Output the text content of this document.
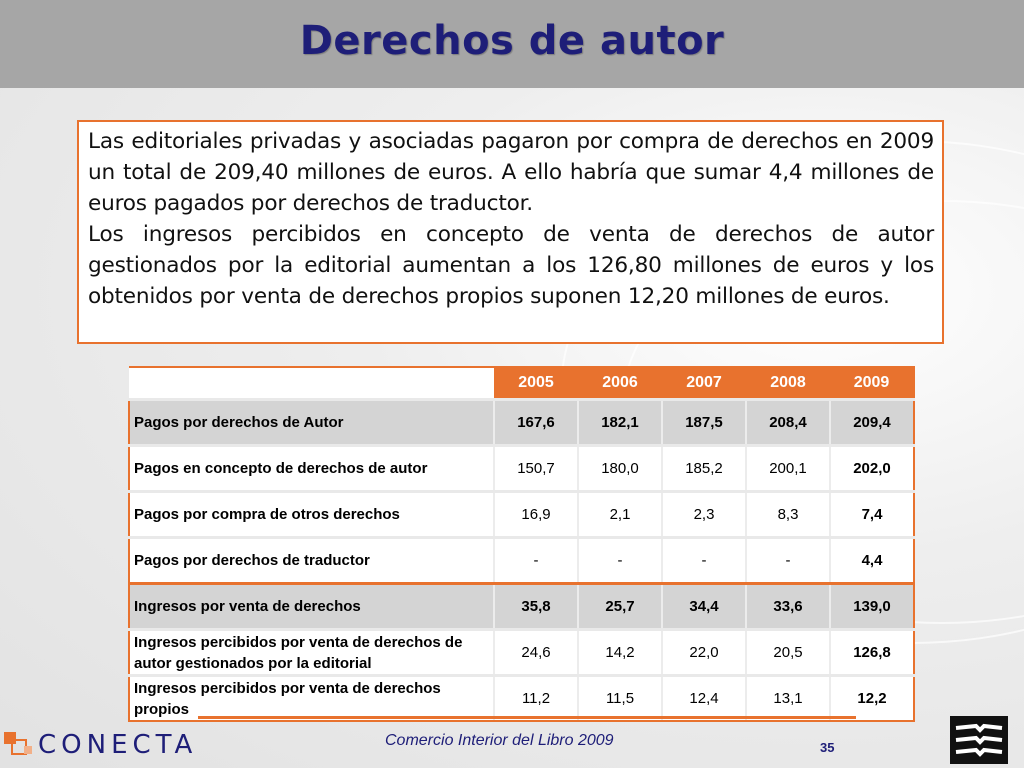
Derechos de autor

Las editoriales privadas y asociadas pagaron por compra de derechos en 2009 un total de 209,40 millones de euros. A ello habría que sumar 4,4 millones de euros pagados por derechos de traductor.

Los ingresos percibidos en concepto de venta de derechos de autor gestionados por la editorial aumentan a los 126,80 millones de euros y los obtenidos por venta de derechos propios suponen 12,20 millones de euros.

	2005	2006	2007	2008	2009
Pagos por derechos de Autor	167,6	182,1	187,5	208,4	209,4
Pagos en concepto de derechos de autor	150,7	180,0	185,2	200,1	202,0
Pagos por compra de otros derechos	16,9	2,1	2,3	8,3	7,4
Pagos por derechos de traductor	-	-	-	-	4,4
Ingresos por venta de derechos	35,8	25,7	34,4	33,6	139,0
Ingresos percibidos por venta de derechos de autor gestionados por la editorial	24,6	14,2	22,0	20,5	126,8
Ingresos percibidos por venta de derechos propios	11,2	11,5	12,4	13,1	12,2
Comercio Interior del Libro 2009	35
CONECTA
